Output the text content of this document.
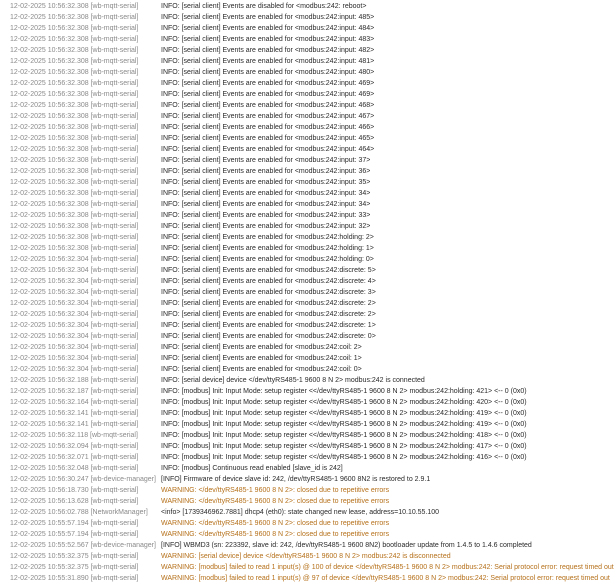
12-02-2025 10:56:32.308 [wb-mqtt-serial]	INFO: [serial client] Events are disabled for <modbus:242: reboot>
12-02-2025 10:56:32.308 [wb-mqtt-serial]	INFO: [serial client] Events are enabled for <modbus:242:input: 485>
12-02-2025 10:56:32.308 [wb-mqtt-serial]	INFO: [serial client] Events are enabled for <modbus:242:input: 484>
12-02-2025 10:56:32.308 [wb-mqtt-serial]	INFO: [serial client] Events are enabled for <modbus:242:input: 483>
12-02-2025 10:56:32.308 [wb-mqtt-serial]	INFO: [serial client] Events are enabled for <modbus:242:input: 482>
12-02-2025 10:56:32.308 [wb-mqtt-serial]	INFO: [serial client] Events are enabled for <modbus:242:input: 481>
12-02-2025 10:56:32.308 [wb-mqtt-serial]	INFO: [serial client] Events are enabled for <modbus:242:input: 480>
12-02-2025 10:56:32.308 [wb-mqtt-serial]	INFO: [serial client] Events are enabled for <modbus:242:input: 469>
12-02-2025 10:56:32.308 [wb-mqtt-serial]	INFO: [serial client] Events are enabled for <modbus:242:input: 469>
12-02-2025 10:56:32.308 [wb-mqtt-serial]	INFO: [serial client] Events are enabled for <modbus:242:input: 468>
12-02-2025 10:56:32.308 [wb-mqtt-serial]	INFO: [serial client] Events are enabled for <modbus:242:input: 467>
12-02-2025 10:56:32.308 [wb-mqtt-serial]	INFO: [serial client] Events are enabled for <modbus:242:input: 466>
12-02-2025 10:56:32.308 [wb-mqtt-serial]	INFO: [serial client] Events are enabled for <modbus:242:input: 465>
12-02-2025 10:56:32.308 [wb-mqtt-serial]	INFO: [serial client] Events are enabled for <modbus:242:input: 464>
12-02-2025 10:56:32.308 [wb-mqtt-serial]	INFO: [serial client] Events are enabled for <modbus:242:input: 37>
12-02-2025 10:56:32.308 [wb-mqtt-serial]	INFO: [serial client] Events are enabled for <modbus:242:input: 36>
12-02-2025 10:56:32.308 [wb-mqtt-serial]	INFO: [serial client] Events are enabled for <modbus:242:input: 35>
12-02-2025 10:56:32.308 [wb-mqtt-serial]	INFO: [serial client] Events are enabled for <modbus:242:input: 34>
12-02-2025 10:56:32.308 [wb-mqtt-serial]	INFO: [serial client] Events are enabled for <modbus:242:input: 34>
12-02-2025 10:56:32.308 [wb-mqtt-serial]	INFO: [serial client] Events are enabled for <modbus:242:input: 33>
12-02-2025 10:56:32.308 [wb-mqtt-serial]	INFO: [serial client] Events are enabled for <modbus:242:input: 32>
12-02-2025 10:56:32.308 [wb-mqtt-serial]	INFO: [serial client] Events are enabled for <modbus:242:holding: 2>
12-02-2025 10:56:32.308 [wb-mqtt-serial]	INFO: [serial client] Events are enabled for <modbus:242:holding: 1>
12-02-2025 10:56:32.304 [wb-mqtt-serial]	INFO: [serial client] Events are enabled for <modbus:242:holding: 0>
12-02-2025 10:56:32.304 [wb-mqtt-serial]	INFO: [serial client] Events are enabled for <modbus:242:discrete: 5>
12-02-2025 10:56:32.304 [wb-mqtt-serial]	INFO: [serial client] Events are enabled for <modbus:242:discrete: 4>
12-02-2025 10:56:32.304 [wb-mqtt-serial]	INFO: [serial client] Events are enabled for <modbus:242:discrete: 3>
12-02-2025 10:56:32.304 [wb-mqtt-serial]	INFO: [serial client] Events are enabled for <modbus:242:discrete: 2>
12-02-2025 10:56:32.304 [wb-mqtt-serial]	INFO: [serial client] Events are enabled for <modbus:242:discrete: 2>
12-02-2025 10:56:32.304 [wb-mqtt-serial]	INFO: [serial client] Events are enabled for <modbus:242:discrete: 1>
12-02-2025 10:56:32.304 [wb-mqtt-serial]	INFO: [serial client] Events are enabled for <modbus:242:discrete: 0>
12-02-2025 10:56:32.304 [wb-mqtt-serial]	INFO: [serial client] Events are enabled for <modbus:242:coil: 2>
12-02-2025 10:56:32.304 [wb-mqtt-serial]	INFO: [serial client] Events are enabled for <modbus:242:coil: 1>
12-02-2025 10:56:32.304 [wb-mqtt-serial]	INFO: [serial client] Events are enabled for <modbus:242:coil: 0>
12-02-2025 10:56:32.188 [wb-mqtt-serial]	INFO: [serial device] device </dev/ttyRS485-1 9600 8 N 2> modbus:242 is connected
12-02-2025 10:56:32.187 [wb-mqtt-serial]	INFO: [modbus] Init: Input Mode: setup register <</dev/ttyRS485-1 9600 8 N 2> modbus:242:holding: 421> <-- 0 (0x0)
12-02-2025 10:56:32.164 [wb-mqtt-serial]	INFO: [modbus] Init: Input Mode: setup register <</dev/ttyRS485-1 9600 8 N 2> modbus:242:holding: 420> <-- 0 (0x0)
12-02-2025 10:56:32.141 [wb-mqtt-serial]	INFO: [modbus] Init: Input Mode: setup register <</dev/ttyRS485-1 9600 8 N 2> modbus:242:holding: 419> <-- 0 (0x0)
12-02-2025 10:56:32.141 [wb-mqtt-serial]	INFO: [modbus] Init: Input Mode: setup register <</dev/ttyRS485-1 9600 8 N 2> modbus:242:holding: 419> <-- 0 (0x0)
12-02-2025 10:56:32.118 [wb-mqtt-serial]	INFO: [modbus] Init: Input Mode: setup register <</dev/ttyRS485-1 9600 8 N 2> modbus:242:holding: 418> <-- 0 (0x0)
12-02-2025 10:56:32.094 [wb-mqtt-serial]	INFO: [modbus] Init: Input Mode: setup register <</dev/ttyRS485-1 9600 8 N 2> modbus:242:holding: 417> <-- 0 (0x0)
12-02-2025 10:56:32.071 [wb-mqtt-serial]	INFO: [modbus] Init: Input Mode: setup register <</dev/ttyRS485-1 9600 8 N 2> modbus:242:holding: 416> <-- 0 (0x0)
12-02-2025 10:56:32.048 [wb-mqtt-serial]	INFO: [modbus] Continuous read enabled [slave_id is 242]
12-02-2025 10:56:30.247 [wb-device-manager] [INFO] Firmware of device slave id: 242, /dev/ttyRS485-1 9600 8N2 is restored to 2.9.1
12-02-2025 10:56:18.730 [wb-mqtt-serial]	WARNING: </dev/ttyRS485-1 9600 8 N 2>: closed due to repetitive errors
12-02-2025 10:56:13.628 [wb-mqtt-serial]	WARNING: </dev/ttyRS485-1 9600 8 N 2>: closed due to repetitive errors
12-02-2025 10:56:02.788 [NetworkManager]	<info> [1739346962.7881] dhcp4 (eth0): state changed new lease, address=10.10.55.100
12-02-2025 10:55:57.194 [wb-mqtt-serial]	WARNING: </dev/ttyRS485-1 9600 8 N 2>: closed due to repetitive errors
12-02-2025 10:55:57.194 [wb-mqtt-serial]	WARNING: </dev/ttyRS485-1 9600 8 N 2>: closed due to repetitive errors
12-02-2025 10:55:52.567 [wb-device-manager] [INFO] WBMD3 (sn: 223392, slave id: 242, /dev/ttyRS485-1 9600 8N2) bootloader update from 1.4.5 to 1.4.6 completed
12-02-2025 10:55:32.375 [wb-mqtt-serial]	WARNING: [serial device] device </dev/ttyRS485-1 9600 8 N 2> modbus:242 is disconnected
12-02-2025 10:55:32.375 [wb-mqtt-serial]	WARNING: [modbus] failed to read 1 input(s) @ 100 of device </dev/ttyRS485-1 9600 8 N 2> modbus:242: Serial protocol error: request timed out
12-02-2025 10:55:31.890 [wb-mqtt-serial]	WARNING: [modbus] failed to read 1 input(s) @ 97 of device </dev/ttyRS485-1 9600 8 N 2> modbus:242: Serial protocol error: request timed out
